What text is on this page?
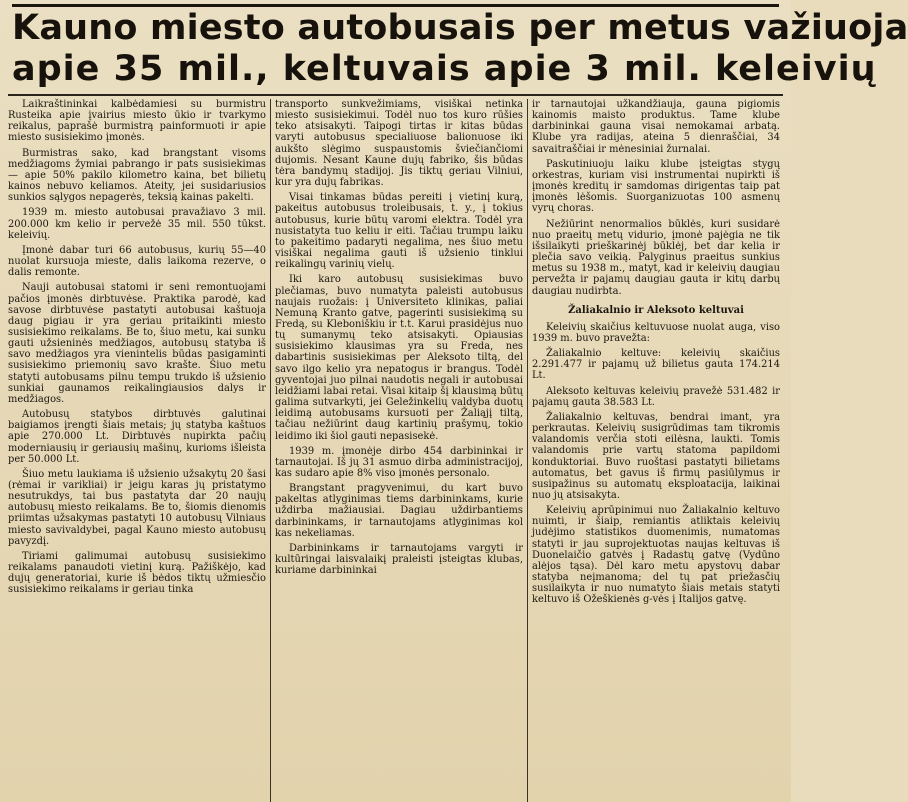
Kauno miesto autobusais per metus važiuoja
apie 35 mil., keltuvais apie 3 mil. keleivių

Laikraštininkai kalbėdamiesi su burmistru Rusteika apie įvairius miesto ūkio ir tvarkymo reikalus, paprašė burmistrą painformuoti ir apie miesto susisiekimo įmonės.

Burmistras sako, kad brangstant visoms medžiagoms žymiai pabrango ir pats susisiekimas — apie 50% pakilo kilometro kaina, bet bilietų kainos nebuvo keliamos. Ateity, jei susidariusios sunkios sąlygos nepagerės, teksią kainas pakelti.

1939 m. miesto autobusai pravažiavo 3 mil. 200.000 km kelio ir pervežė 35 mil. 550 tūkst. keleivių.

Įmonė dabar turi 66 autobusus, kurių 55—40 nuolat kursuoja mieste, dalis laikoma rezerve, o dalis remonte.

Nauji autobusai statomi ir seni remontuojami pačios įmonės dirbtuvėse. Praktika parodė, kad savose dirbtuvėse pastatyti autobusai kaštuoja daug pigiau ir yra geriau pritaikinti miesto susisiekimo reikalams. Be to, šiuo metu, kai sunku gauti užsieninės medžiagos, autobusų statyba iš savo medžiagos yra vienintelis būdas pasigaminti susisiekimo priemonių savo krašte. Šiuo metu statyti autobusams pilnu tempu trukdo iš užsienio sunkiai gaunamos reikalingiausios dalys ir medžiagos.

Autobusų statybos dirbtuvės galutinai baigiamos įrengti šiais metais; jų statyba kaštuos apie 270.000 Lt. Dirbtuvės nupirkta pačių moderniausių ir geriausių mašinų, kurioms išleista per 50.000 Lt.

Šiuo metu laukiama iš užsienio užsakytų 20 šasi (rėmai ir varikliai) ir jeigu karas jų pristatymo nesutrukdys, tai bus pastatyta dar 20 naujų autobusų miesto reikalams. Be to, šiomis dienomis priimtas užsakymas pastatyti 10 autobusų Vilniaus miesto savivaldybei, pagal Kauno miesto autobusų pavyzdį.

Tiriami galimumai autobusų susisiekimo reikalams panaudoti vietinį kurą. Pažiškėjo, kad dujų generatoriai, kurie iš bėdos tiktų užmiesčio susisiekimo reikalams ir geriau tinka

transporto sunkvežimiams, visiškai netinka miesto susisiekimui. Todėl nuo tos kuro rūšies teko atsisakyti. Taipogi tirtas ir kitas būdas varyti autobusus specialiuose balionuose iki aukšto slėgimo suspaustomis šviečiančiomi dujomis. Nesant Kaune dujų fabriko, šis būdas tėra bandymų stadijoj. Jis tiktų geriau Vilniui, kur yra dujų fabrikas.

Visai tinkamas būdas pereiti į vietinį kurą, pakeitus autobusus troleibusais, t. y., į tokius autobusus, kurie būtų varomi elektra. Todėl yra nusistatyta tuo keliu ir eiti. Tačiau trumpu laiku to pakeitimo padaryti negalima, nes šiuo metu visiškai negalima gauti iš užsienio tinklui reikalingų varinių vielų.

Iki karo autobusų susisiekimas buvo plečiamas, buvo numatyta paleisti autobusus naujais ruožais: į Universiteto klinikas, paliai Nemuną Kranto gatve, pagerinti susisiekimą su Fredą, su Kleboniškiu ir t.t. Karui prasidėjus nuo tų sumanymų teko atsisakyti. Opiausias susisiekimo klausimas yra su Freda, nes dabartinis susisiekimas per Aleksoto tiltą, del savo ilgo kelio yra nepatogus ir brangus. Todėl gyventojai juo pilnai naudotis negali ir autobusai leidžiami labai retai. Visai kitaip šį klausimą būtų galima sutvarkyti, jei Geležinkelių valdyba duotų leidimą autobusams kursuoti per Žaliąjį tiltą, tačiau nežiūrint daug kartinių prašymų, tokio leidimo iki šiol gauti nepasisekė.

1939 m. įmonėje dirbo 454 darbininkai ir tarnautojai. Iš jų 31 asmuo dirba administracijoj, kas sudaro apie 8% viso įmonės personalo.

Brangstant pragyvenimui, du kart buvo pakeltas atlyginimas tiems darbininkams, kurie uždirba mažiausiai. Dagiau uždirbantiems darbininkams, ir tarnautojams atlyginimas kol kas nekeliamas.

Darbininkams ir tarnautojams vargyti ir kultūringai laisvalaikį praleisti įsteigtas klubas, kuriame darbininkai

ir tarnautojai užkandžiauja, gauna pigiomis kainomis maisto produktus. Tame klube darbininkai gauna visai nemokamai arbatą. Klube yra radijas, ateina 5 dienraščiai, 34 savaitraščiai ir mėnesiniai žurnalai.

Paskutiniuoju laiku klube įsteigtas stygų orkestras, kuriam visi instrumentai nupirkti iš įmonės kreditų ir samdomas dirigentas taip pat įmonės lėšomis. Suorganizuotas 100 asmenų vyrų choras.

Nežiūrint nenormalios būklės, kuri susidarė nuo praeitų metų vidurio, įmonė pajėgia ne tik išsilaikyti prieškarinėj būklėj, bet dar kelia ir plečia savo veikią. Palyginus praeitus sunkius metus su 1938 m., matyt, kad ir keleivių daugiau pervežta ir pajamų daugiau gauta ir kitų darbų daugiau nudirbta.

Žaliakalnio ir Aleksoto keltuvai

Keleivių skaičius keltuvuose nuolat auga, viso 1939 m. buvo pravežta:

Žaliakalnio keltuve: keleivių skaičius 2.291.477 ir pajamų už bilietus gauta 174.214 Lt.

Aleksoto keltuvas keleivių pravežė 531.482 ir pajamų gauta 38.583 Lt.

Žaliakalnio keltuvas, bendrai imant, yra perkrautas. Keleivių susigrūdimas tam tikromis valandomis verčia stoti eilėsna, laukti. Tomis valandomis prie vartų statoma papildomi konduktoriai. Buvo ruoštasi pastatyti bilietams automatus, bet gavus iš firmų pasiūlymus ir susipažinus su automatų eksploatacija, laikinai nuo jų atsisakyta.

Keleivių aprūpinimui nuo Žaliakalnio keltuvo nuimti, ir šiaip, remiantis atliktais keleivių judėjimo statistikos duomenimis, numatomas statyti ir jau suprojektuotas naujas keltuvas iš Duonelaičio gatvės į Radastų gatvę (Vydūno alėjos tąsa). Dėl karo metu apystovų dabar statyba neįmanoma; del tų pat priežasčių susilaikyta ir nuo numatyto šiais metais statyti keltuvo iš Ožeškienės g-vės į Italijos gatvę.
